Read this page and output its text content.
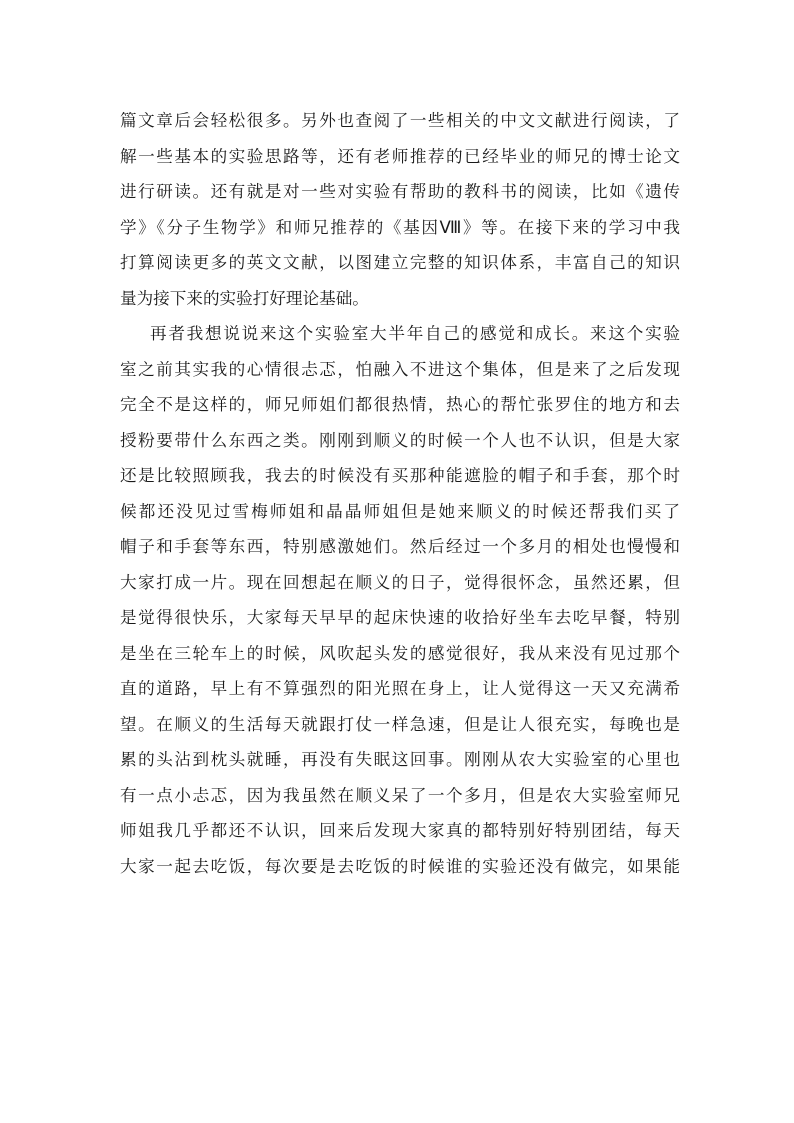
篇文章后会轻松很多。另外也查阅了一些相关的中文文献进行阅读，了
解一些基本的实验思路等，还有老师推荐的已经毕业的师兄的博士论文
进行研读。还有就是对一些对实验有帮助的教科书的阅读，比如《遗传
学》《分子生物学》和师兄推荐的《基因Ⅷ》等。在接下来的学习中我
打算阅读更多的英文文献，以图建立完整的知识体系，丰富自己的知识
量为接下来的实验打好理论基础。
再者我想说说来这个实验室大半年自己的感觉和成长。来这个实验
室之前其实我的心情很忐忑，怕融入不进这个集体，但是来了之后发现
完全不是这样的，师兄师姐们都很热情，热心的帮忙张罗住的地方和去
授粉要带什么东西之类。刚刚到顺义的时候一个人也不认识，但是大家
还是比较照顾我，我去的时候没有买那种能遮脸的帽子和手套，那个时
候都还没见过雪梅师姐和晶晶师姐但是她来顺义的时候还帮我们买了
帽子和手套等东西，特别感激她们。然后经过一个多月的相处也慢慢和
大家打成一片。现在回想起在顺义的日子，觉得很怀念，虽然还累，但
是觉得很快乐，大家每天早早的起床快速的收拾好坐车去吃早餐，特别
是坐在三轮车上的时候，风吹起头发的感觉很好，我从来没有见过那个
直的道路，早上有不算强烈的阳光照在身上，让人觉得这一天又充满希
望。在顺义的生活每天就跟打仗一样急速，但是让人很充实，每晚也是
累的头沾到枕头就睡，再没有失眠这回事。刚刚从农大实验室的心里也
有一点小忐忑，因为我虽然在顺义呆了一个多月，但是农大实验室师兄
师姐我几乎都还不认识，回来后发现大家真的都特别好特别团结，每天
大家一起去吃饭，每次要是去吃饭的时候谁的实验还没有做完，如果能
